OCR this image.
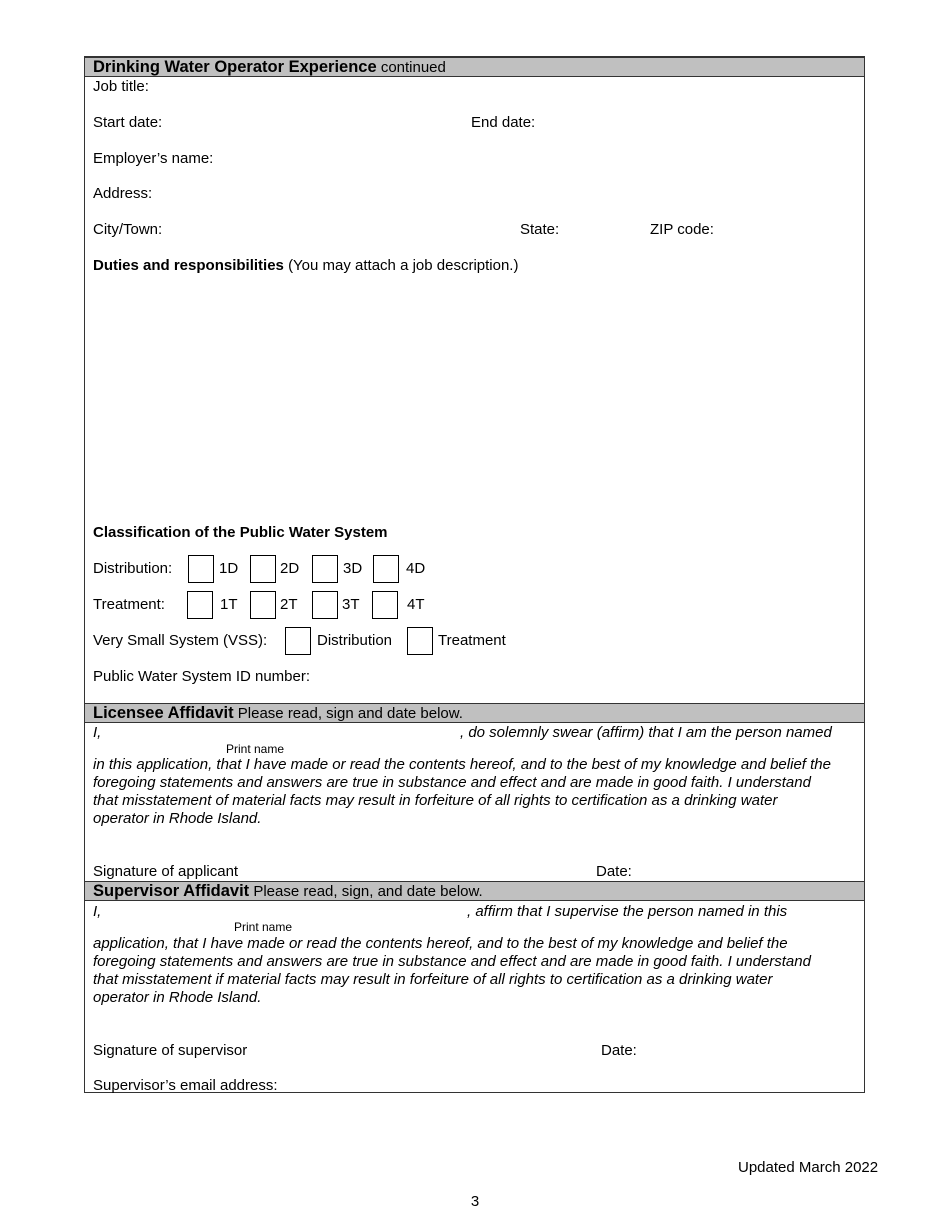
Drinking Water Operator Experience continued
Job title:
Start date:	End date:
Employer’s name:
Address:
City/Town:	State:	ZIP code:
Duties and responsibilities (You may attach a job description.)
Classification of the Public Water System
Distribution:	1D	2D	3D	4D
Treatment:	1T	2T	3T	4T
Very Small System (VSS):	Distribution	Treatment
Public Water System ID number:
Licensee Affidavit Please read, sign and date below.
I,	, do solemnly swear (affirm) that I am the person named
Print name
in this application, that I have made or read the contents hereof, and to the best of my knowledge and belief the
foregoing statements and answers are true in substance and effect and are made in good faith. I understand
that misstatement of material facts may result in forfeiture of all rights to certification as a drinking water
operator in Rhode Island.
Signature of applicant	Date:
Supervisor Affidavit Please read, sign, and date below.
I,	, affirm that I supervise the person named in this
Print name
application, that I have made or read the contents hereof, and to the best of my knowledge and belief the
foregoing statements and answers are true in substance and effect and are made in good faith. I understand
that misstatement if material facts may result in forfeiture of all rights to certification as a drinking water
operator in Rhode Island.
Signature of supervisor	Date:
Supervisor’s email address:
Updated March 2022
3
